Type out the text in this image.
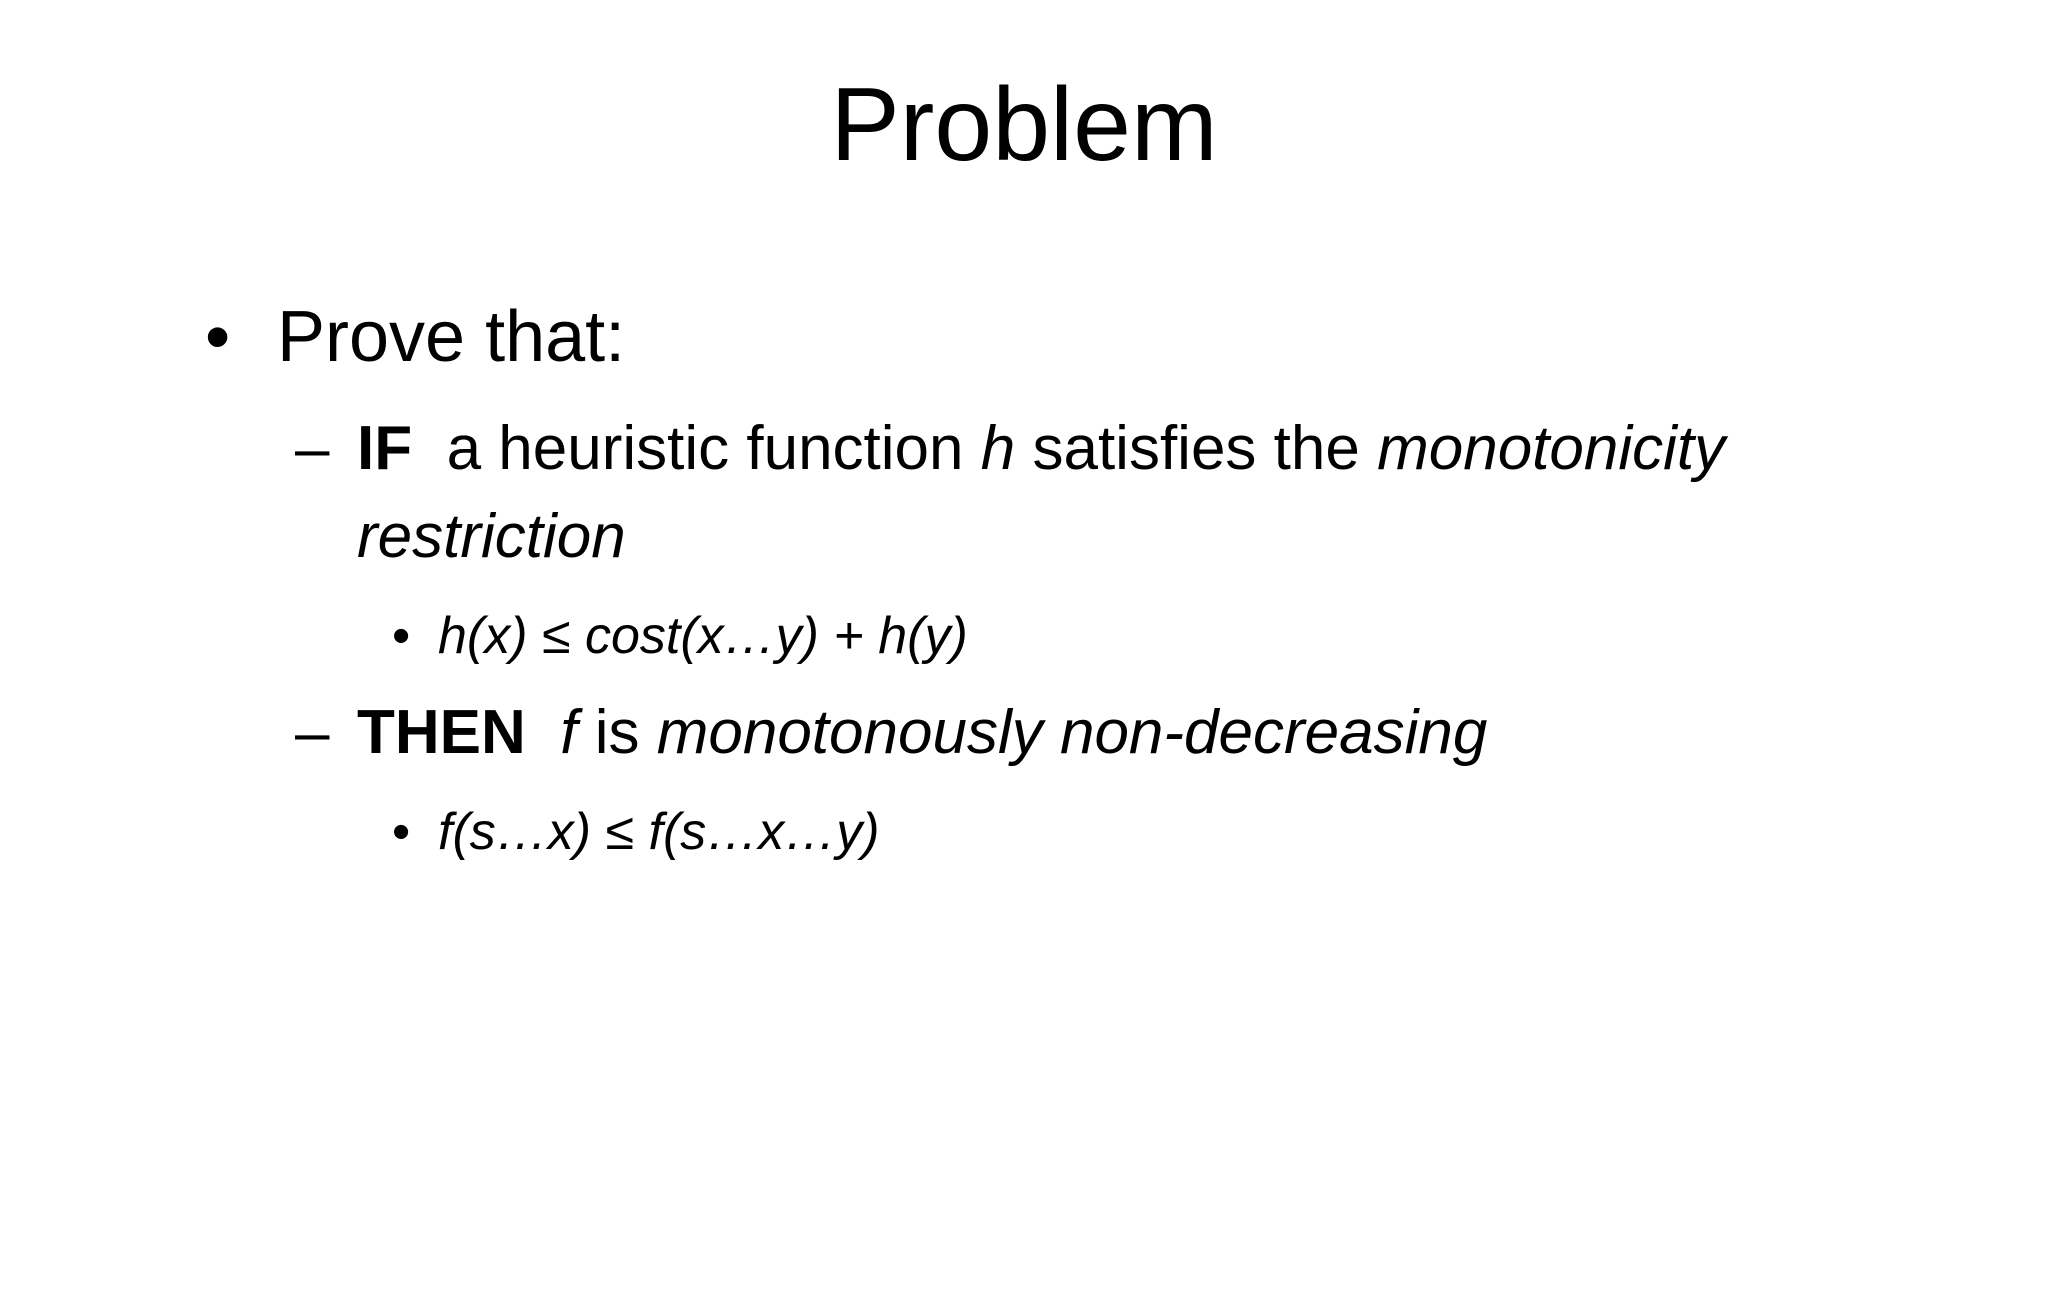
Problem
• Prove that:
– IF a heuristic function h satisfies the monotonicity
restriction
• h(x) ≤ cost(x…y) + h(y)
– THEN f is monotonously non-decreasing
• f(s…x) ≤ f(s…x…y)
